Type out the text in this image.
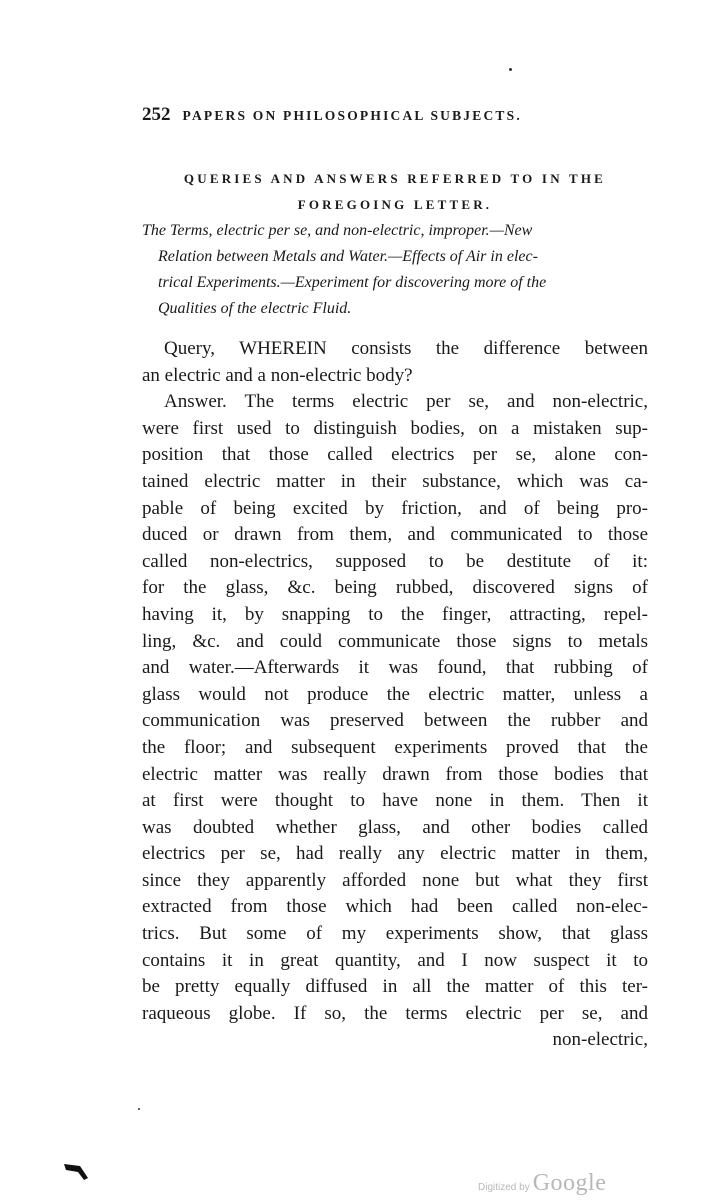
252 PAPERS ON PHILOSOPHICAL SUBJECTS.
QUERIES AND ANSWERS REFERRED TO IN THE
FOREGOING LETTER.
The Terms, electric per se, and non-electric, improper.—New
Relation between Metals and Water.—Effects of Air in elec-
trical Experiments.—Experiment for discovering more of the
Qualities of the electric Fluid.
Query, WHEREIN consists the difference between
an electric and a non-electric body?
Answer. The terms electric per se, and non-electric,
were first used to distinguish bodies, on a mistaken sup-
position that those called electrics per se, alone con-
tained electric matter in their substance, which was ca-
pable of being excited by friction, and of being pro-
duced or drawn from them, and communicated to those
called non-electrics, supposed to be destitute of it:
for the glass, &c. being rubbed, discovered signs of
having it, by snapping to the finger, attracting, repel-
ling, &c. and could communicate those signs to metals
and water.—Afterwards it was found, that rubbing of
glass would not produce the electric matter, unless a
communication was preserved between the rubber and
the floor; and subsequent experiments proved that the
electric matter was really drawn from those bodies that
at first were thought to have none in them. Then it
was doubted whether glass, and other bodies called
electrics per se, had really any electric matter in them,
since they apparently afforded none but what they first
extracted from those which had been called non-elec-
trics. But some of my experiments show, that glass
contains it in great quantity, and I now suspect it to
be pretty equally diffused in all the matter of this ter-
raqueous globe. If so, the terms electric per se, and
non-electric,
Digitized by Google
